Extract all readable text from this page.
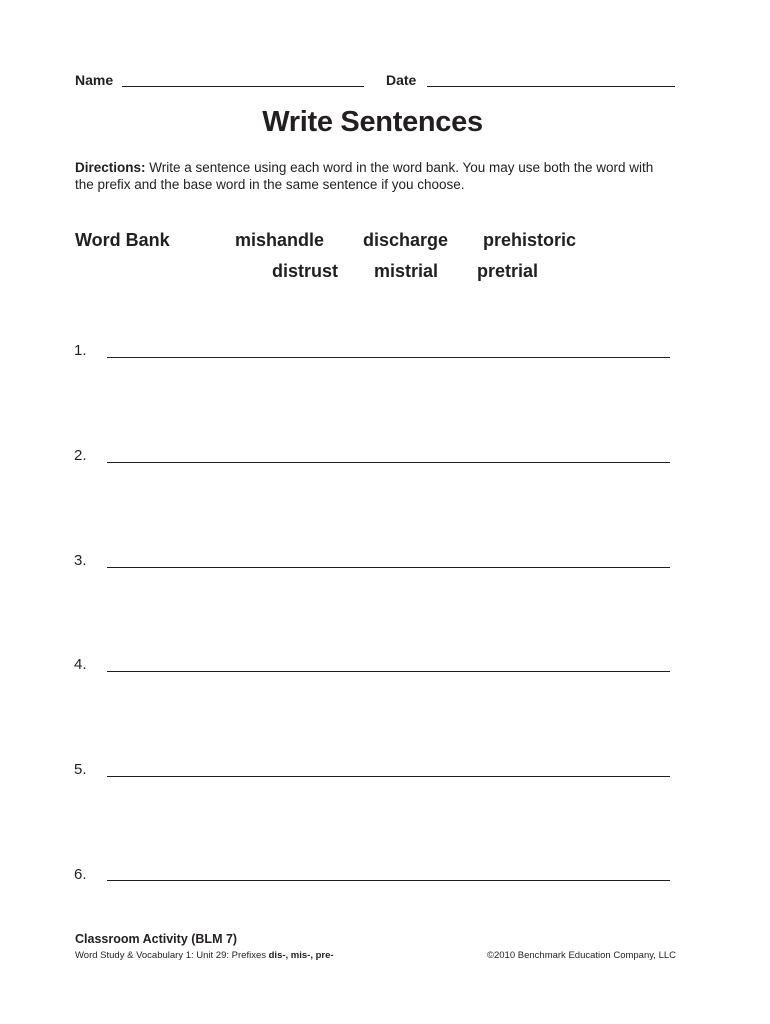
Name	Date
Write Sentences
Directions: Write a sentence using each word in the word bank. You may use both the word with the prefix and the base word in the same sentence if you choose.
Word Bank	mishandle discharge prehistoric
distrust mistrial pretrial
1.
2.
3.
4.
5.
6.
Classroom Activity (BLM 7)
Word Study & Vocabulary 1: Unit 29: Prefixes dis-, mis-, pre-	©2010 Benchmark Education Company, LLC
